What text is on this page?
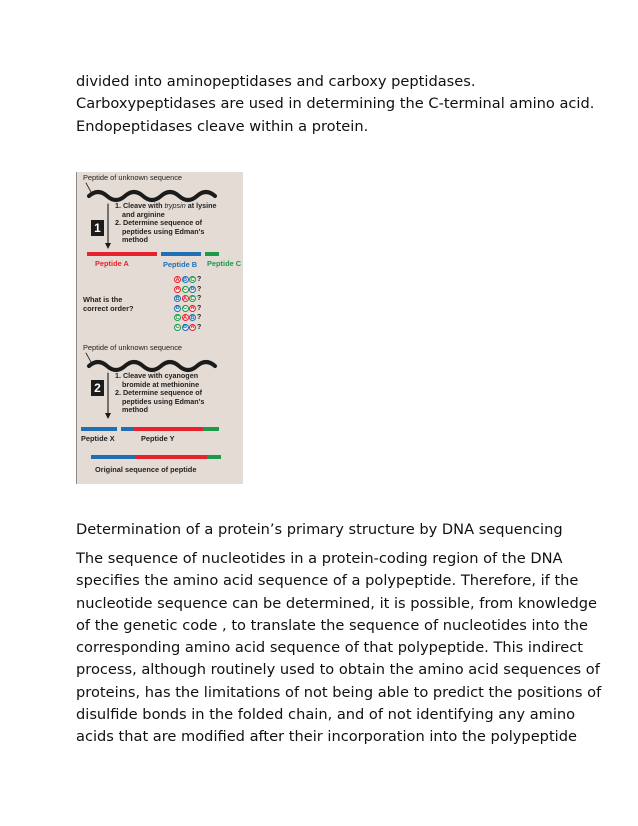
divided into aminopeptidases and carboxy peptidases.
Carboxypeptidases are used in determining the C-terminal amino acid.
Endopeptidases cleave within a protein.
Peptide of unknown sequence
1
1. Cleave with trypsin at lysine
and arginine
2. Determine sequence of
peptides using Edman's
method
Peptide A	Peptide B Peptide C
What is the
correct order?
A B C ?
A C B ?
B A C ?
B C A ?
C A B ?
C B A ?
Peptide of unknown sequence
2
1. Cleave with cyanogen
bromide at methionine
2. Determine sequence of
peptides using Edman's
method
Peptide X	Peptide Y
Original sequence of peptide

Determination of a protein’s primary structure by DNA sequencing

The sequence of nucleotides in a protein-coding region of the DNA
specifies the amino acid sequence of a polypeptide. Therefore, if the
nucleotide sequence can be determined, it is possible, from knowledge
of the genetic code , to translate the sequence of nucleotides into the
corresponding amino acid sequence of that polypeptide. This indirect
process, although routinely used to obtain the amino acid sequences of
proteins, has the limitations of not being able to predict the positions of
disulfide bonds in the folded chain, and of not identifying any amino
acids that are modified after their incorporation into the polypeptide
